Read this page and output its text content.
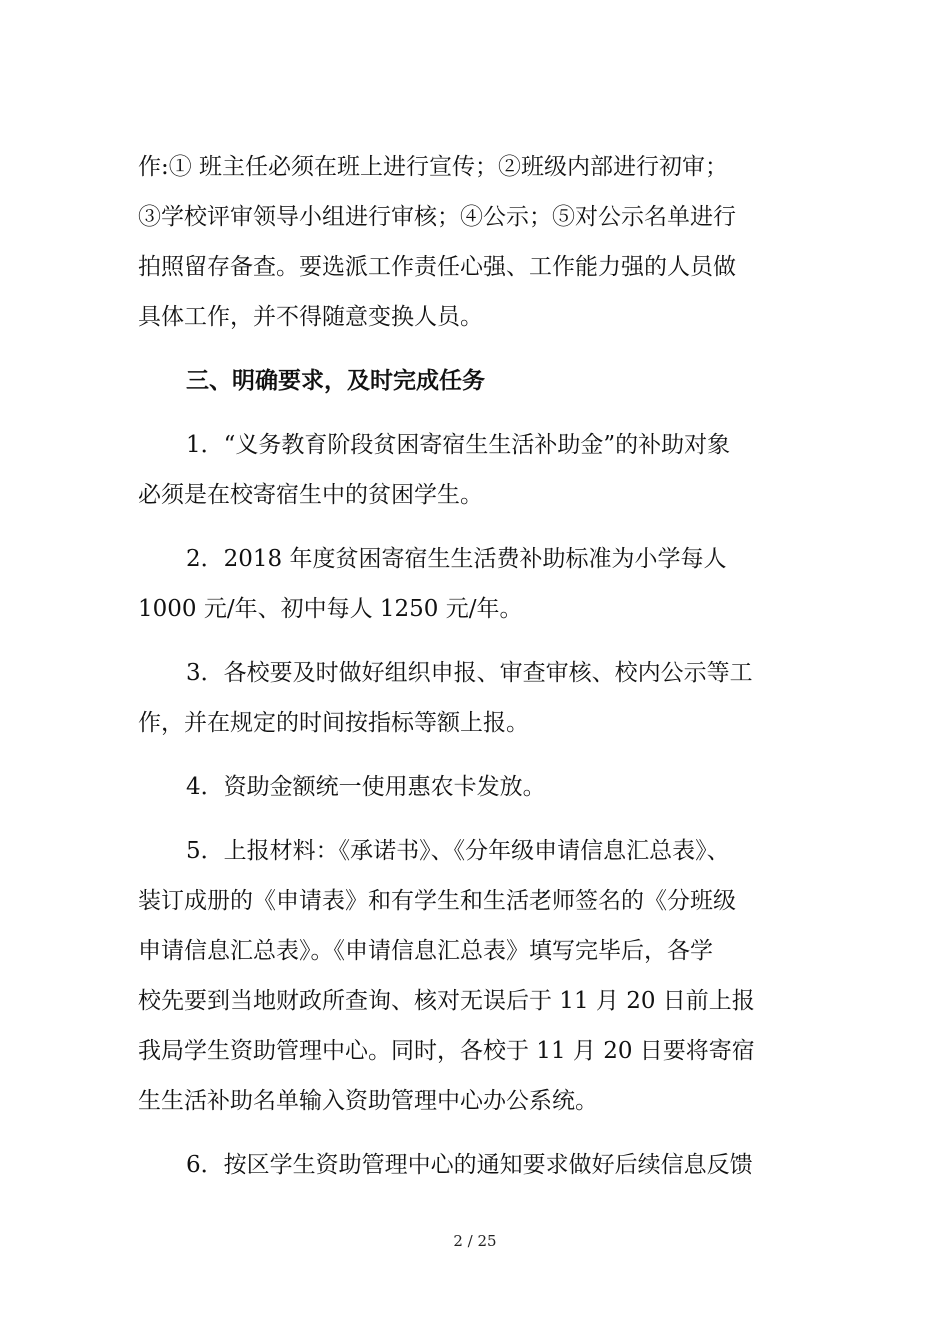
作:① 班主任必须在班上进行宣传；②班级内部进行初审；
③学校评审领导小组进行审核；④公示；⑤对公示名单进行
拍照留存备查。要选派工作责任心强、工作能力强的人员做
具体工作，并不得随意变换人员。
三、明确要求，及时完成任务
1．“义务教育阶段贫困寄宿生生活补助金”的补助对象
必须是在校寄宿生中的贫困学生。
2．2018 年度贫困寄宿生生活费补助标准为小学每人
1000 元/年、初中每人 1250 元/年。
3．各校要及时做好组织申报、审查审核、校内公示等工
作，并在规定的时间按指标等额上报。
4．资助金额统一使用惠农卡发放。
5．上报材料：《承诺书》、《分年级申请信息汇总表》、
装订成册的《申请表》和有学生和生活老师签名的《分班级
申请信息汇总表》。《申请信息汇总表》填写完毕后，各学
校先要到当地财政所查询、核对无误后于 11 月 20 日前上报
我局学生资助管理中心。同时，各校于 11 月 20 日要将寄宿
生生活补助名单输入资助管理中心办公系统。
6．按区学生资助管理中心的通知要求做好后续信息反馈
2 / 25
